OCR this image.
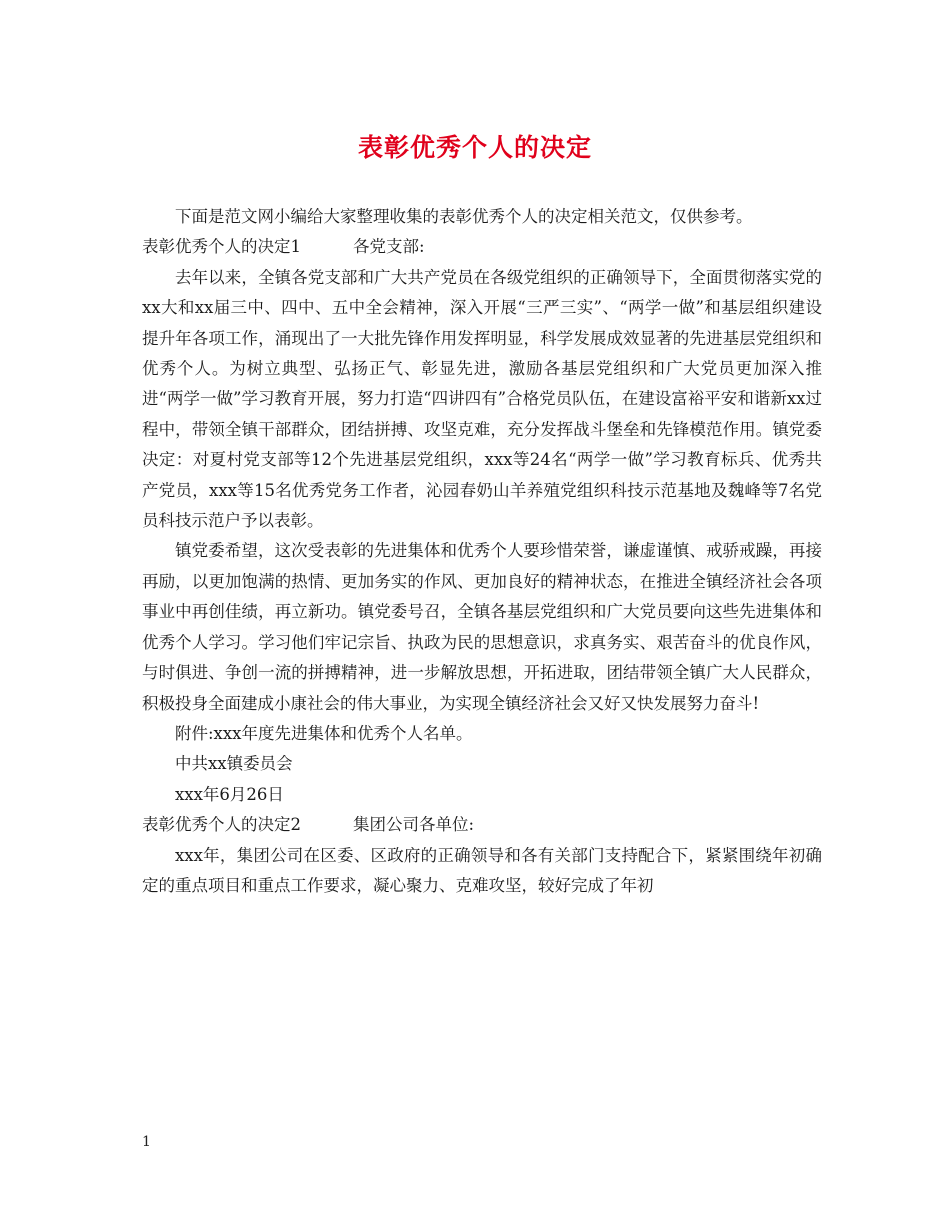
表彰优秀个人的决定

下面是范文网小编给大家整理收集的表彰优秀个人的决定相关范文，仅供参考。

表彰优秀个人的决定1	各党支部:

去年以来，全镇各党支部和广大共产党员在各级党组织的正确领导下，全面贯彻落实党的xx大和xx届三中、四中、五中全会精神，深入开展“三严三实”、“两学一做”和基层组织建设提升年各项工作，涌现出了一大批先锋作用发挥明显，科学发展成效显著的先进基层党组织和优秀个人。为树立典型、弘扬正气、彰显先进，激励各基层党组织和广大党员更加深入推进“两学一做”学习教育开展，努力打造“四讲四有”合格党员队伍，在建设富裕平安和谐新xx过程中，带领全镇干部群众，团结拼搏、攻坚克难，充分发挥战斗堡垒和先锋模范作用。镇党委决定：对夏村党支部等12个先进基层党组织，xxx等24名“两学一做”学习教育标兵、优秀共产党员，xxx等15名优秀党务工作者，沁园春奶山羊养殖党组织科技示范基地及魏峰等7名党员科技示范户予以表彰。

镇党委希望，这次受表彰的先进集体和优秀个人要珍惜荣誉，谦虚谨慎、戒骄戒躁，再接再励，以更加饱满的热情、更加务实的作风、更加良好的精神状态，在推进全镇经济社会各项事业中再创佳绩，再立新功。镇党委号召，全镇各基层党组织和广大党员要向这些先进集体和优秀个人学习。学习他们牢记宗旨、执政为民的思想意识，求真务实、艰苦奋斗的优良作风，与时俱进、争创一流的拼搏精神，进一步解放思想，开拓进取，团结带领全镇广大人民群众，积极投身全面建成小康社会的伟大事业，为实现全镇经济社会又好又快发展努力奋斗!

附件:xxx年度先进集体和优秀个人名单。

中共xx镇委员会

xxx年6月26日

表彰优秀个人的决定2	集团公司各单位:

xxx年，集团公司在区委、区政府的正确领导和各有关部门支持配合下，紧紧围绕年初确定的重点项目和重点工作要求，凝心聚力、克难攻坚，较好完成了年初

1
